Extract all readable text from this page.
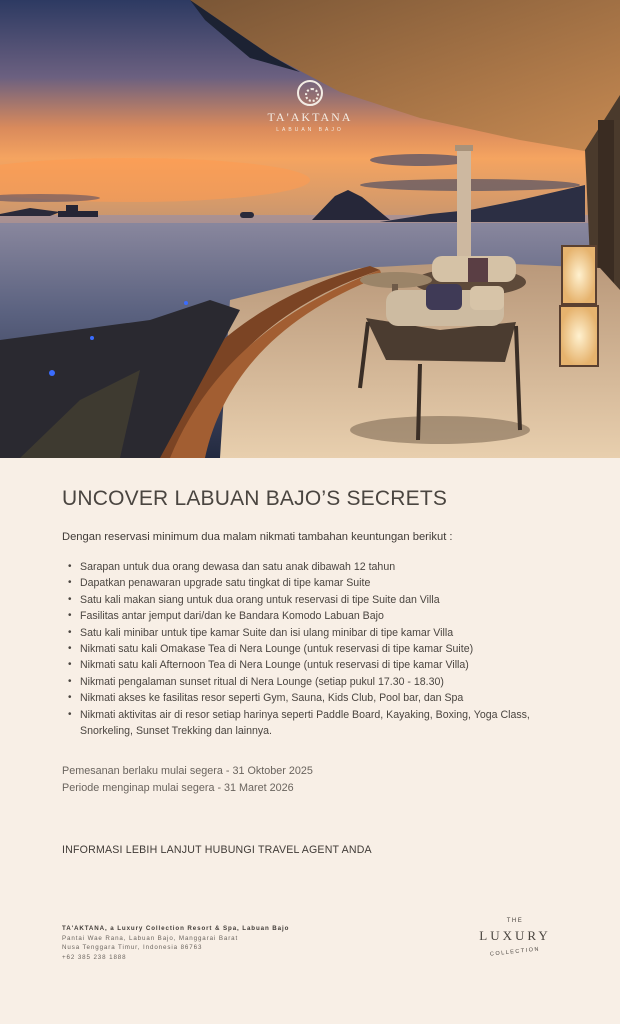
TA'AKTANA
LABUAN BAJO
UNCOVER LABUAN BAJO’S SECRETS

Dengan reservasi minimum dua malam nikmati tambahan keuntungan berikut :

• Sarapan untuk dua orang dewasa dan satu anak dibawah 12 tahun
• Dapatkan penawaran upgrade satu tingkat di tipe kamar Suite
• Satu kali makan siang untuk dua orang untuk reservasi di tipe Suite dan Villa
• Fasilitas antar jemput dari/dan ke Bandara Komodo Labuan Bajo
• Satu kali minibar untuk tipe kamar Suite dan isi ulang minibar di tipe kamar Villa
• Nikmati satu kali Omakase Tea di Nera Lounge (untuk reservasi di tipe kamar Suite)
• Nikmati satu kali Afternoon Tea di Nera Lounge (untuk reservasi di tipe kamar Villa)
• Nikmati pengalaman sunset ritual di Nera Lounge (setiap pukul 17.30 - 18.30)
• Nikmati akses ke fasilitas resor seperti Gym, Sauna, Kids Club, Pool bar, dan Spa
• Nikmati aktivitas air di resor setiap harinya seperti Paddle Board, Kayaking, Boxing, Yoga Class, Snorkeling, Sunset Trekking dan lainnya.
Pemesanan berlaku mulai segera - 31 Oktober 2025
Periode menginap mulai segera - 31 Maret 2026
INFORMASI LEBIH LANJUT HUBUNGI TRAVEL AGENT ANDA
TA'AKTANA, a Luxury Collection Resort & Spa, Labuan Bajo
Pantai Wae Rana, Labuan Bajo, Manggarai Barat
Nusa Tenggara Timur, Indonesia 86763
+62 385 238 1888
THE
LUXURY
COLLECTION
